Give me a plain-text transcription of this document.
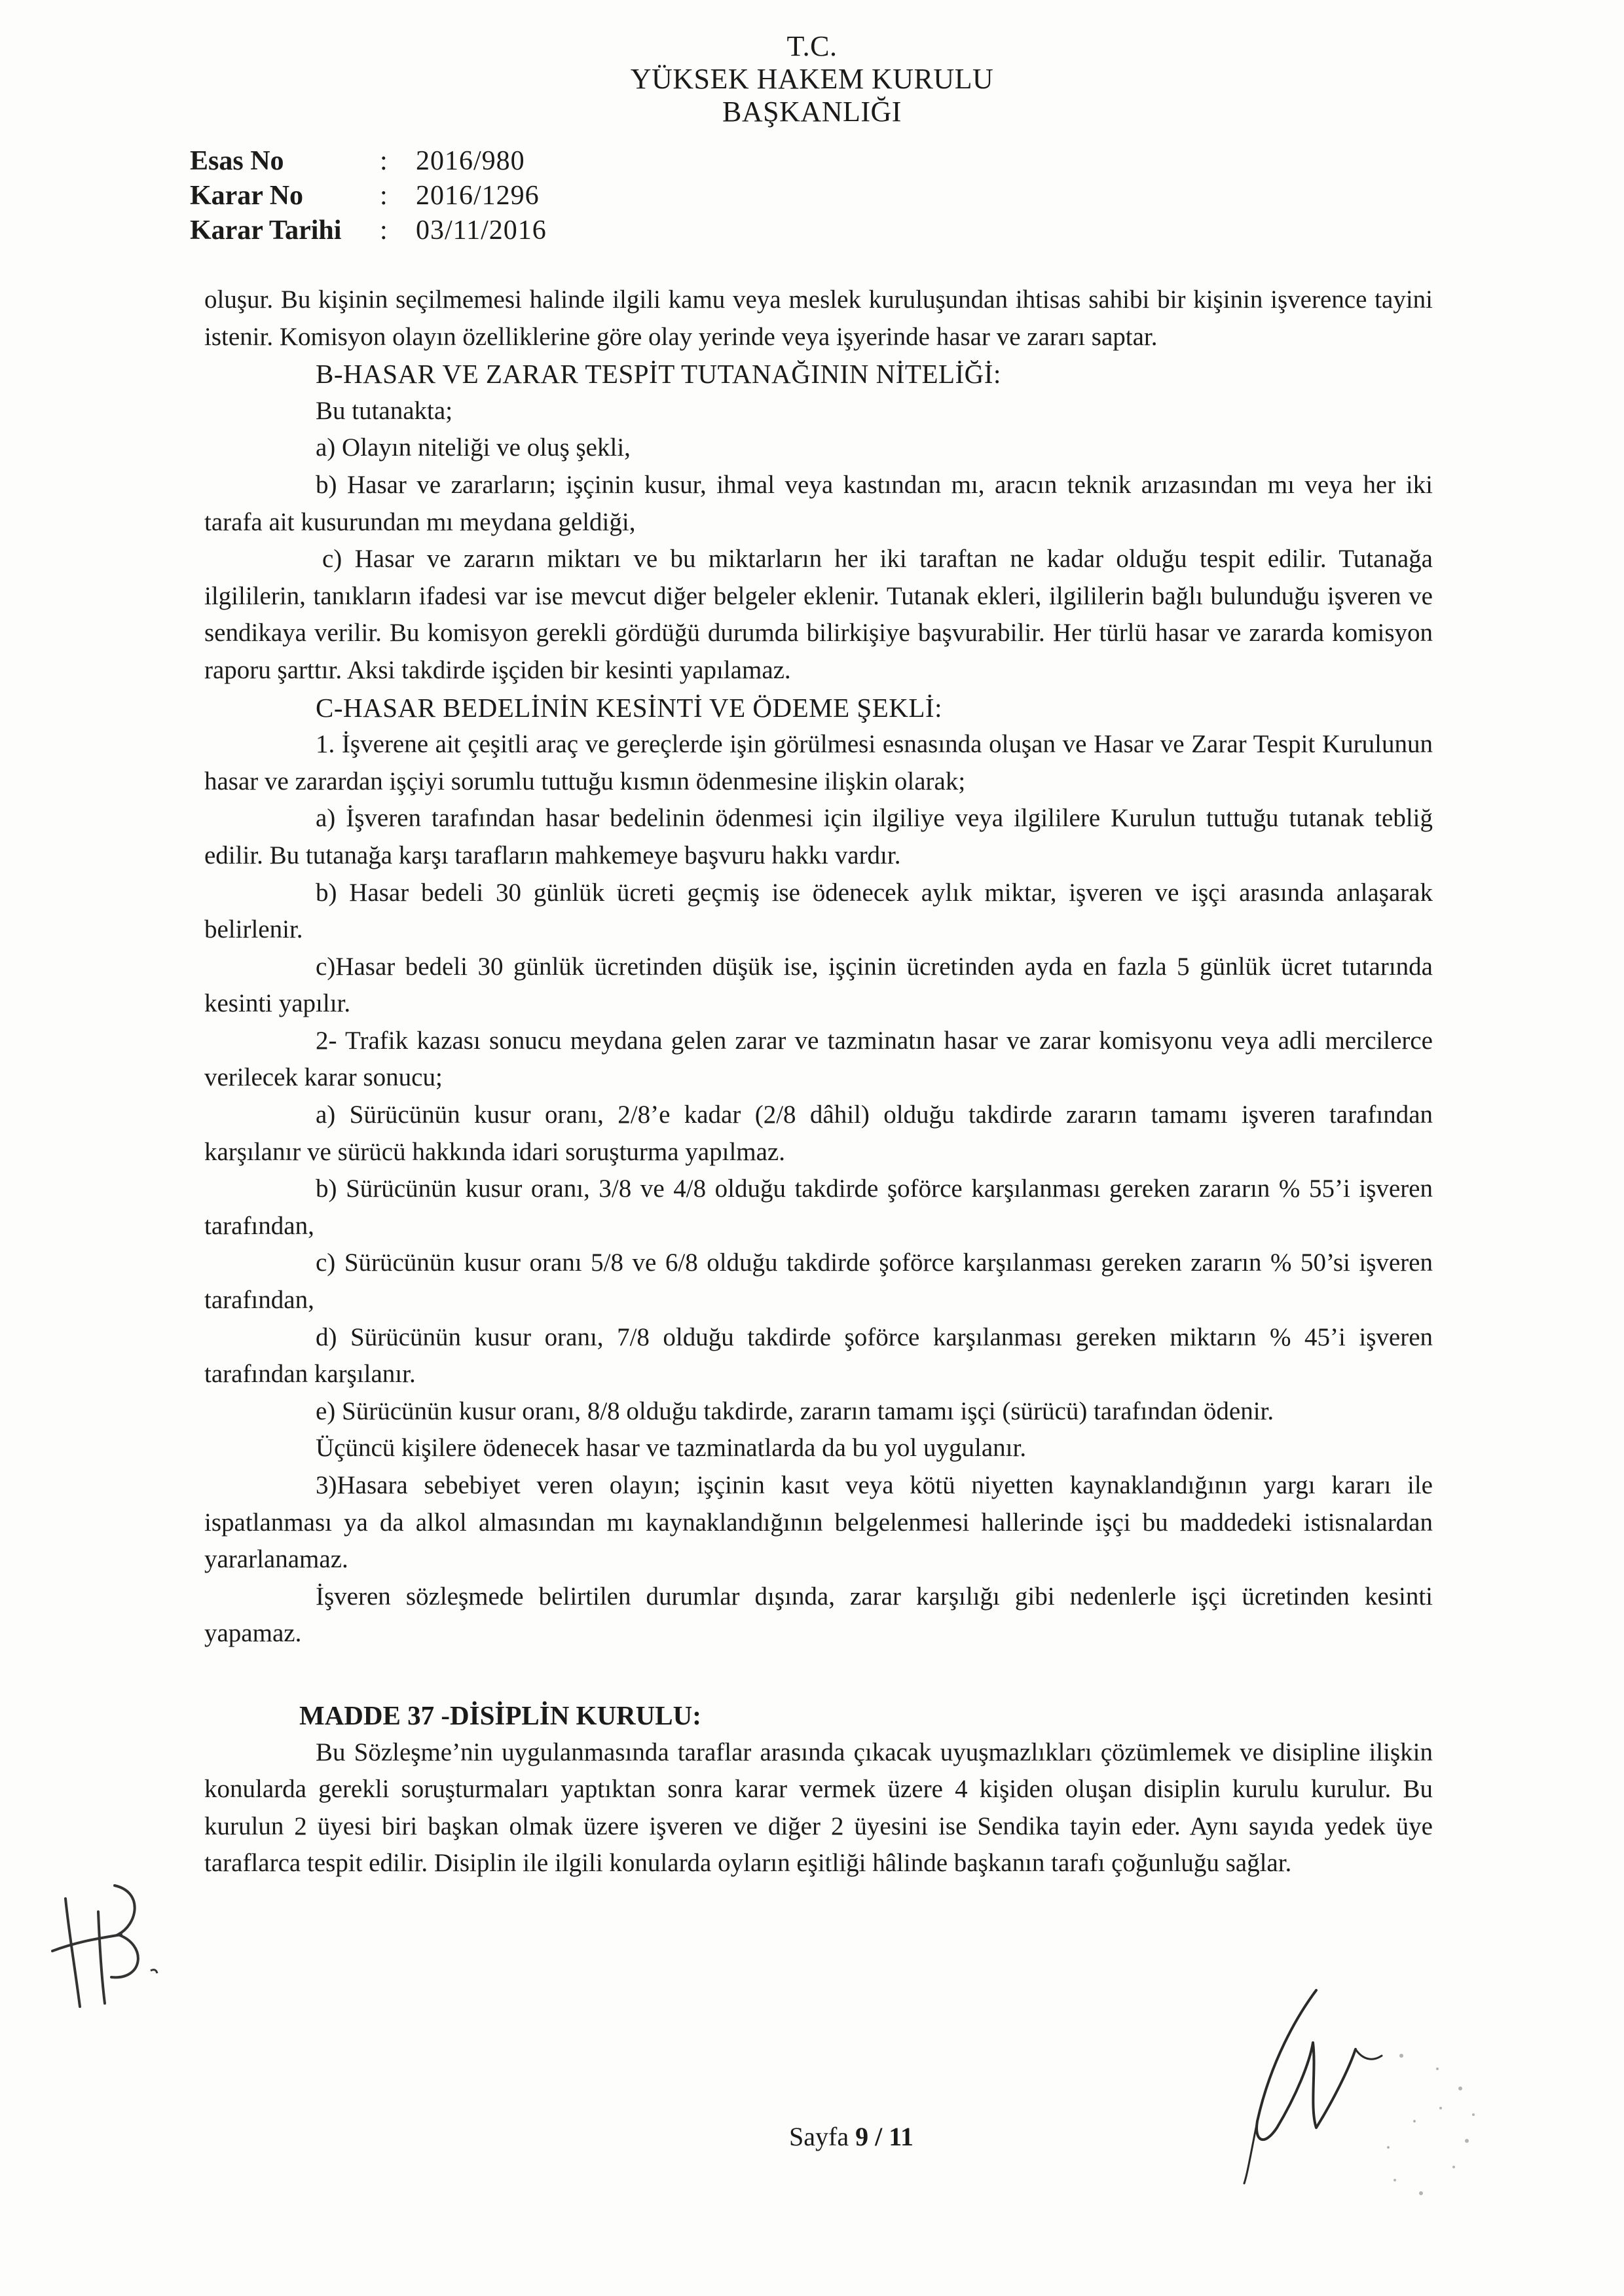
T.C.
YÜKSEK HAKEM KURULU
BAŞKANLIĞI
Esas No	:	2016/980
Karar No	:	2016/1296
Karar Tarihi	:	03/11/2016

oluşur. Bu kişinin seçilmemesi halinde ilgili kamu veya meslek kuruluşundan ihtisas sahibi bir kişinin işverence tayini istenir. Komisyon olayın özelliklerine göre olay yerinde veya işyerinde hasar ve zararı saptar.

B-HASAR VE ZARAR TESPİT TUTANAĞININ NİTELİĞİ:

Bu tutanakta;

a) Olayın niteliği ve oluş şekli,

b) Hasar ve zararların; işçinin kusur, ihmal veya kastından mı, aracın teknik arızasından mı veya her iki tarafa ait kusurundan mı meydana geldiği,

c) Hasar ve zararın miktarı ve bu miktarların her iki taraftan ne kadar olduğu tespit edilir. Tutanağa ilgililerin, tanıkların ifadesi var ise mevcut diğer belgeler eklenir. Tutanak ekleri, ilgililerin bağlı bulunduğu işveren ve sendikaya verilir. Bu komisyon gerekli gördüğü durumda bilirkişiye başvurabilir. Her türlü hasar ve zararda komisyon raporu şarttır. Aksi takdirde işçiden bir kesinti yapılamaz.

C-HASAR BEDELİNİN KESİNTİ VE ÖDEME ŞEKLİ:

1. İşverene ait çeşitli araç ve gereçlerde işin görülmesi esnasında oluşan ve Hasar ve Zarar Tespit Kurulunun hasar ve zarardan işçiyi sorumlu tuttuğu kısmın ödenmesine ilişkin olarak;

a) İşveren tarafından hasar bedelinin ödenmesi için ilgiliye veya ilgililere Kurulun tuttuğu tutanak tebliğ edilir. Bu tutanağa karşı tarafların mahkemeye başvuru hakkı vardır.

b) Hasar bedeli 30 günlük ücreti geçmiş ise ödenecek aylık miktar, işveren ve işçi arasında anlaşarak belirlenir.

c)Hasar bedeli 30 günlük ücretinden düşük ise, işçinin ücretinden ayda en fazla 5 günlük ücret tutarında kesinti yapılır.

2- Trafik kazası sonucu meydana gelen zarar ve tazminatın hasar ve zarar komisyonu veya adli mercilerce verilecek karar sonucu;

a) Sürücünün kusur oranı, 2/8’e kadar (2/8 dâhil) olduğu takdirde zararın tamamı işveren tarafından karşılanır ve sürücü hakkında idari soruşturma yapılmaz.

b) Sürücünün kusur oranı, 3/8 ve 4/8 olduğu takdirde şoförce karşılanması gereken zararın % 55’i işveren tarafından,

c) Sürücünün kusur oranı 5/8 ve 6/8 olduğu takdirde şoförce karşılanması gereken zararın % 50’si işveren tarafından,

d) Sürücünün kusur oranı, 7/8 olduğu takdirde şoförce karşılanması gereken miktarın % 45’i işveren tarafından karşılanır.

e) Sürücünün kusur oranı, 8/8 olduğu takdirde, zararın tamamı işçi (sürücü) tarafından ödenir.

Üçüncü kişilere ödenecek hasar ve tazminatlarda da bu yol uygulanır.

3)Hasara sebebiyet veren olayın; işçinin kasıt veya kötü niyetten kaynaklandığının yargı kararı ile ispatlanması ya da alkol almasından mı kaynaklandığının belgelenmesi hallerinde işçi bu maddedeki istisnalardan yararlanamaz.

İşveren sözleşmede belirtilen durumlar dışında, zarar karşılığı gibi nedenlerle işçi ücretinden kesinti yapamaz.

MADDE 37 -DİSİPLİN KURULU:

Bu Sözleşme’nin uygulanmasında taraflar arasında çıkacak uyuşmazlıkları çözümlemek ve disipline ilişkin konularda gerekli soruşturmaları yaptıktan sonra karar vermek üzere 4 kişiden oluşan disiplin kurulu kurulur. Bu kurulun 2 üyesi biri başkan olmak üzere işveren ve diğer 2 üyesini ise Sendika tayin eder. Aynı sayıda yedek üye taraflarca tespit edilir. Disiplin ile ilgili konularda oyların eşitliği hâlinde başkanın tarafı çoğunluğu sağlar.

Sayfa 9 / 11
